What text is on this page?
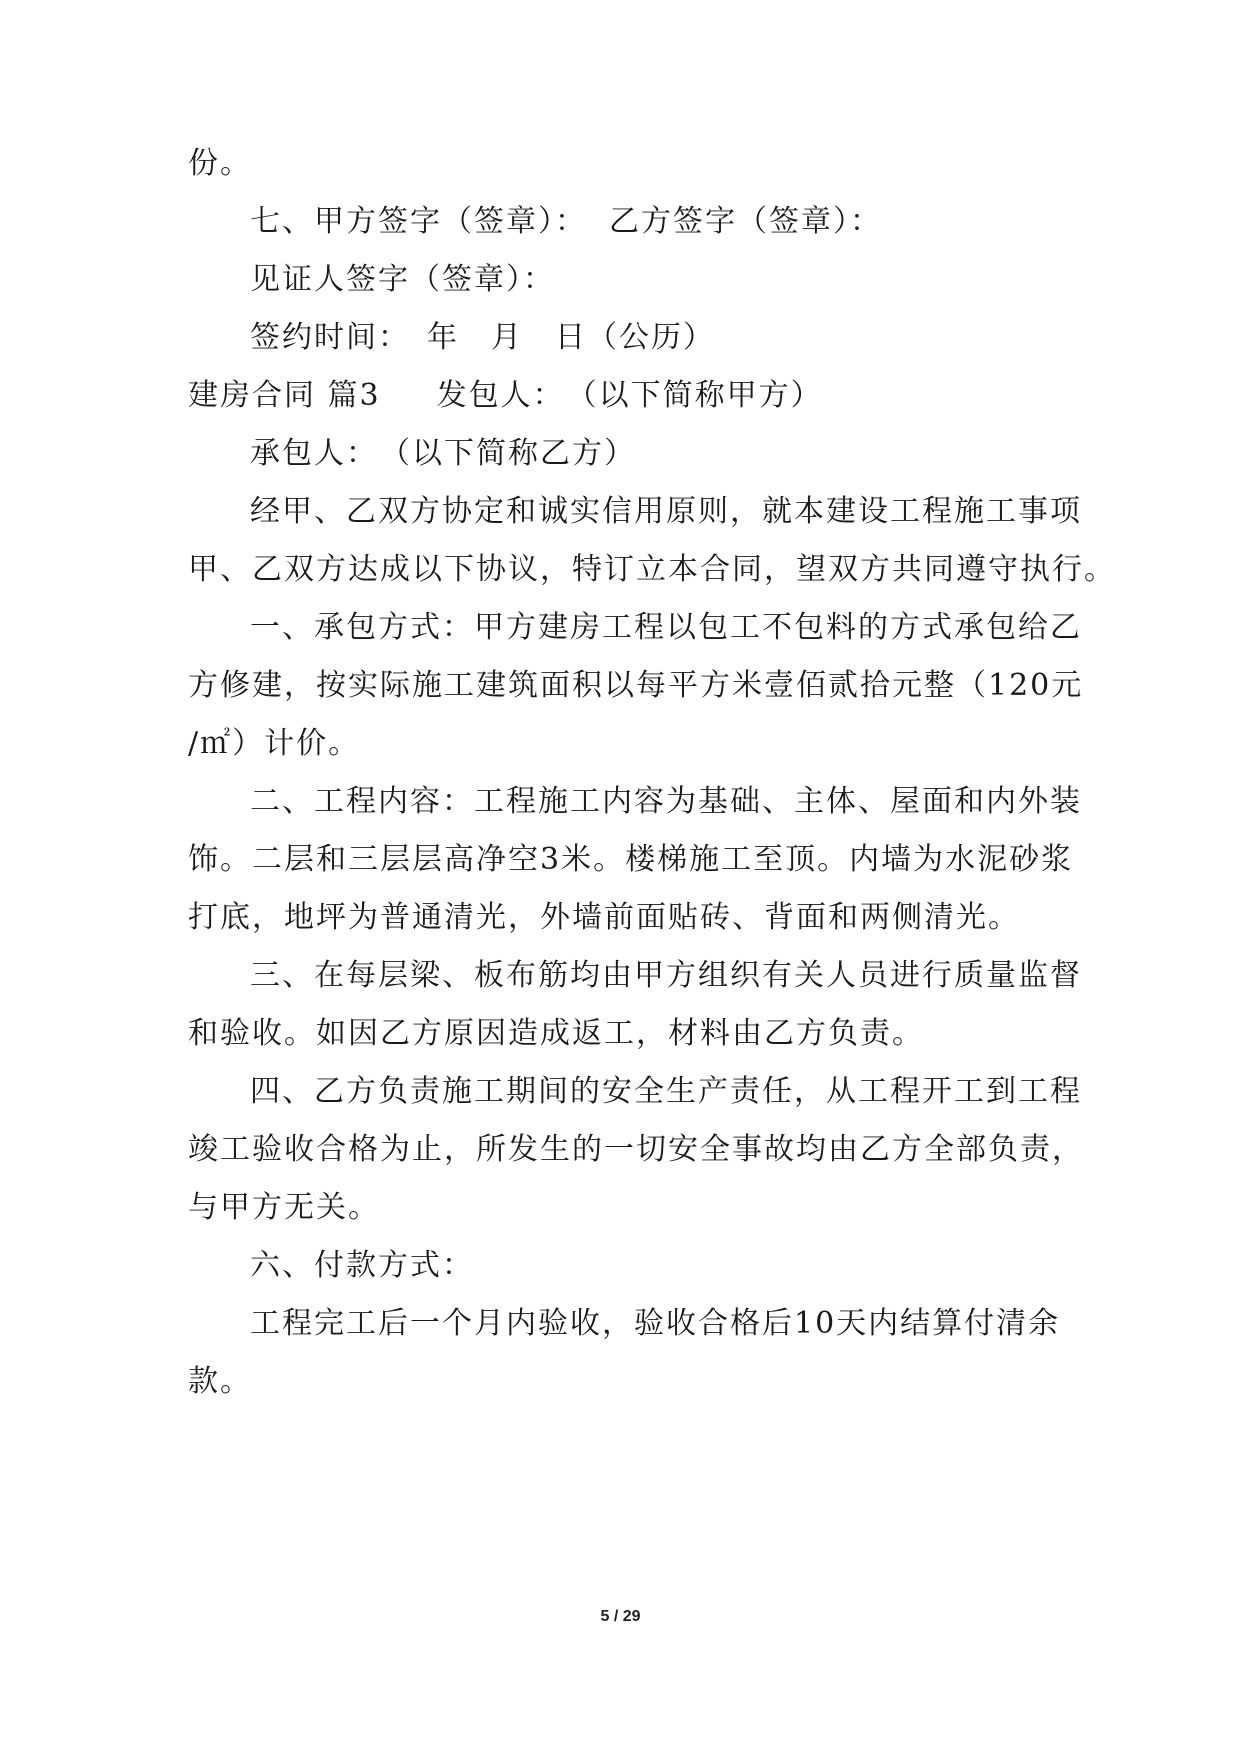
份。
七、甲方签字（签章）： 乙方签字（签章）：
见证人签字（签章）：
签约时间：　年　月　日（公历）
建房合同 篇3 发包人：　（以下简称甲方）
承包人：　（以下简称乙方）
经甲、乙双方协定和诚实信用原则，就本建设工程施工事项
甲、乙双方达成以下协议，特订立本合同，望双方共同遵守执行。
一、承包方式：甲方建房工程以包工不包料的方式承包给乙
方修建，按实际施工建筑面积以每平方米壹佰贰拾元整（120元
/㎡）计价。
二、工程内容：工程施工内容为基础、主体、屋面和内外装
饰。二层和三层层高净空3米。楼梯施工至顶。内墙为水泥砂浆
打底，地坪为普通清光，外墙前面贴砖、背面和两侧清光。
三、在每层梁、板布筋均由甲方组织有关人员进行质量监督
和验收。如因乙方原因造成返工，材料由乙方负责。
四、乙方负责施工期间的安全生产责任，从工程开工到工程
竣工验收合格为止，所发生的一切安全事故均由乙方全部负责，
与甲方无关。
六、付款方式：
工程完工后一个月内验收，验收合格后10天内结算付清余
款。
5 / 29
